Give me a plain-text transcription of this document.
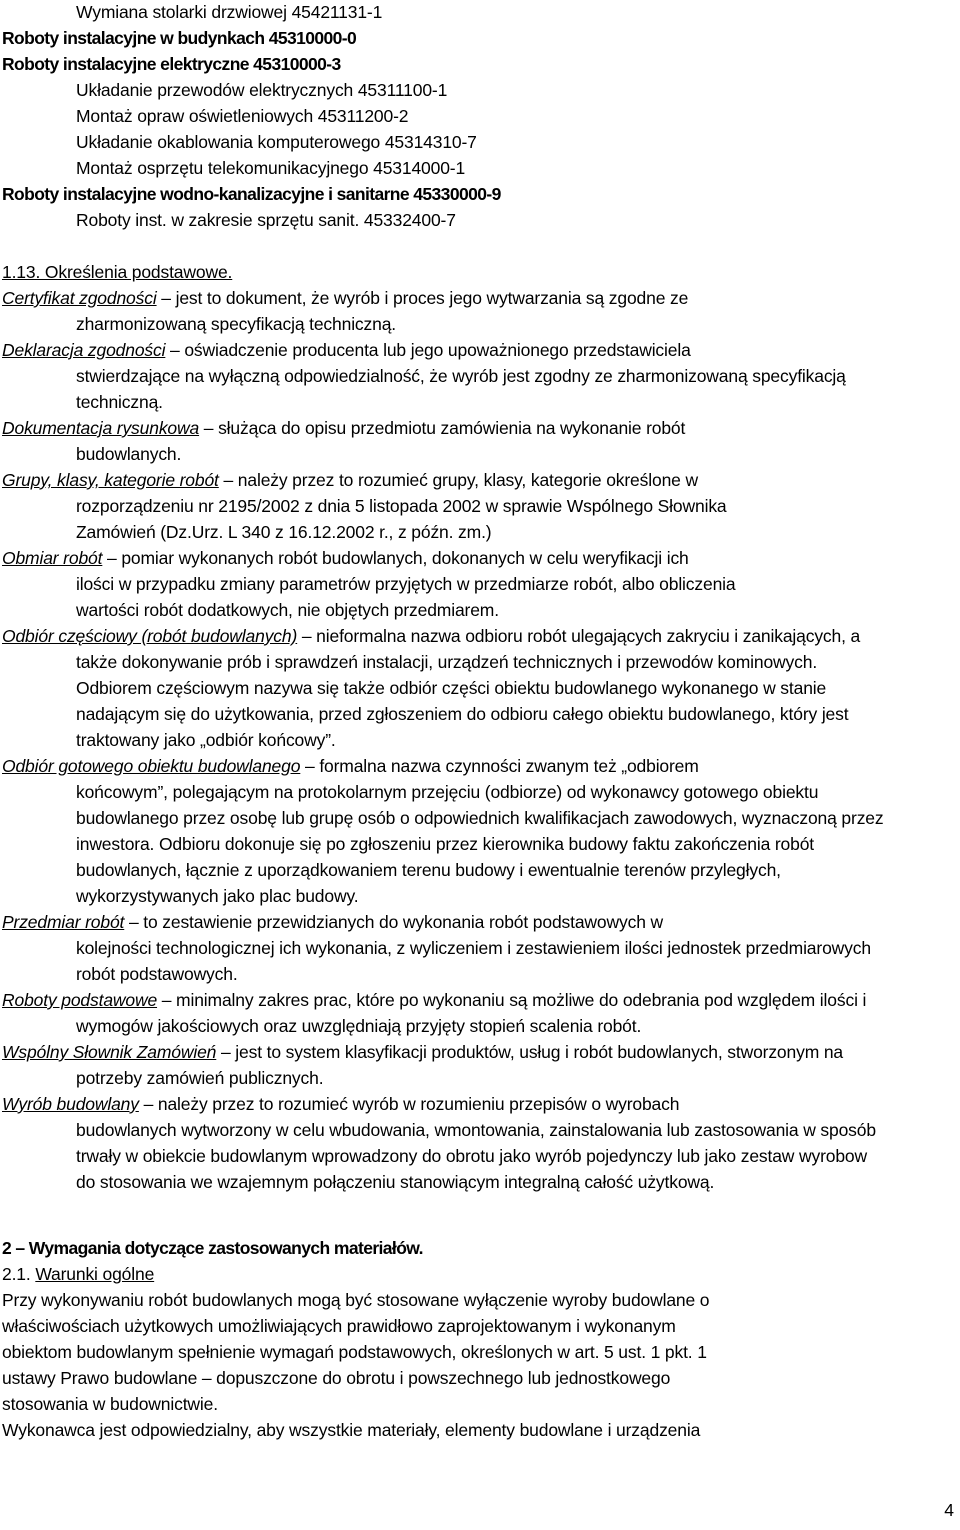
Wymiana stolarki drzwiowej 45421131-1
Roboty instalacyjne w budynkach 45310000-0
Roboty instalacyjne elektryczne 45310000-3
Układanie przewodów elektrycznych 45311100-1
Montaż opraw oświetleniowych 45311200-2
Układanie okablowania komputerowego 45314310-7
Montaż osprzętu telekomunikacyjnego 45314000-1
Roboty instalacyjne wodno-kanalizacyjne i sanitarne 45330000-9
Roboty inst. w zakresie sprzętu sanit. 45332400-7
1.13. Określenia podstawowe.
Certyfikat zgodności – jest to dokument, że wyrób i proces jego wytwarzania są zgodne ze
zharmonizowaną specyfikacją techniczną.
Deklaracja zgodności – oświadczenie producenta lub jego upoważnionego przedstawiciela
stwierdzające na wyłączną odpowiedzialność, że wyrób jest zgodny ze zharmonizowaną specyfikacją
techniczną.
Dokumentacja rysunkowa – służąca do opisu przedmiotu zamówienia na wykonanie robót
budowlanych.
Grupy, klasy, kategorie robót – należy przez to rozumieć grupy, klasy, kategorie określone w
rozporządzeniu nr 2195/2002 z dnia 5 listopada 2002 w sprawie Wspólnego Słownika
Zamówień (Dz.Urz. L 340 z 16.12.2002 r., z późn. zm.)
Obmiar robót – pomiar wykonanych robót budowlanych, dokonanych w celu weryfikacji ich
ilości w przypadku zmiany parametrów przyjętych w przedmiarze robót, albo obliczenia
wartości robót dodatkowych, nie objętych przedmiarem.
Odbiór częściowy (robót budowlanych) – nieformalna nazwa odbioru robót ulegających zakryciu i zanikających, a
także dokonywanie prób i sprawdzeń instalacji, urządzeń technicznych i przewodów kominowych.
Odbiorem częściowym nazywa się także odbiór części obiektu budowlanego wykonanego w stanie
nadającym się do użytkowania, przed zgłoszeniem do odbioru całego obiektu budowlanego, który jest
traktowany jako „odbiór końcowy”.
Odbiór gotowego obiektu budowlanego – formalna nazwa czynności zwanym też „odbiorem
końcowym”, polegającym na protokolarnym przejęciu (odbiorze) od wykonawcy gotowego obiektu
budowlanego przez osobę lub grupę osób o odpowiednich kwalifikacjach zawodowych, wyznaczoną przez
inwestora. Odbioru dokonuje się po zgłoszeniu przez kierownika budowy faktu zakończenia robót
budowlanych, łącznie z uporządkowaniem terenu budowy i ewentualnie terenów przyległych,
wykorzystywanych jako plac budowy.
Przedmiar robót – to zestawienie przewidzianych do wykonania robót podstawowych w
kolejności technologicznej ich wykonania, z wyliczeniem i zestawieniem ilości jednostek przedmiarowych
robót podstawowych.
Roboty podstawowe – minimalny zakres prac, które po wykonaniu są możliwe do odebrania pod względem ilości i
wymogów jakościowych oraz uwzględniają przyjęty stopień scalenia robót.
Wspólny Słownik Zamówień – jest to system klasyfikacji produktów, usług i robót budowlanych, stworzonym na
potrzeby zamówień publicznych.
Wyrób budowlany – należy przez to rozumieć wyrób w rozumieniu przepisów o wyrobach
budowlanych wytworzony w celu wbudowania, wmontowania, zainstalowania lub zastosowania w sposób
trwały w obiekcie budowlanym wprowadzony do obrotu jako wyrób pojedynczy lub jako zestaw wyrobow
do stosowania we wzajemnym połączeniu stanowiącym integralną całość użytkową.
2 – Wymagania dotyczące zastosowanych materiałów.
2.1. Warunki ogólne
Przy wykonywaniu robót budowlanych mogą być stosowane wyłączenie wyroby budowlane o
właściwościach użytkowych umożliwiających prawidłowo zaprojektowanym i wykonanym
obiektom budowlanym spełnienie wymagań podstawowych, określonych w art. 5 ust. 1 pkt. 1
ustawy Prawo budowlane – dopuszczone do obrotu i powszechnego lub jednostkowego
stosowania w budownictwie.
Wykonawca jest odpowiedzialny, aby wszystkie materiały, elementy budowlane i urządzenia
4
